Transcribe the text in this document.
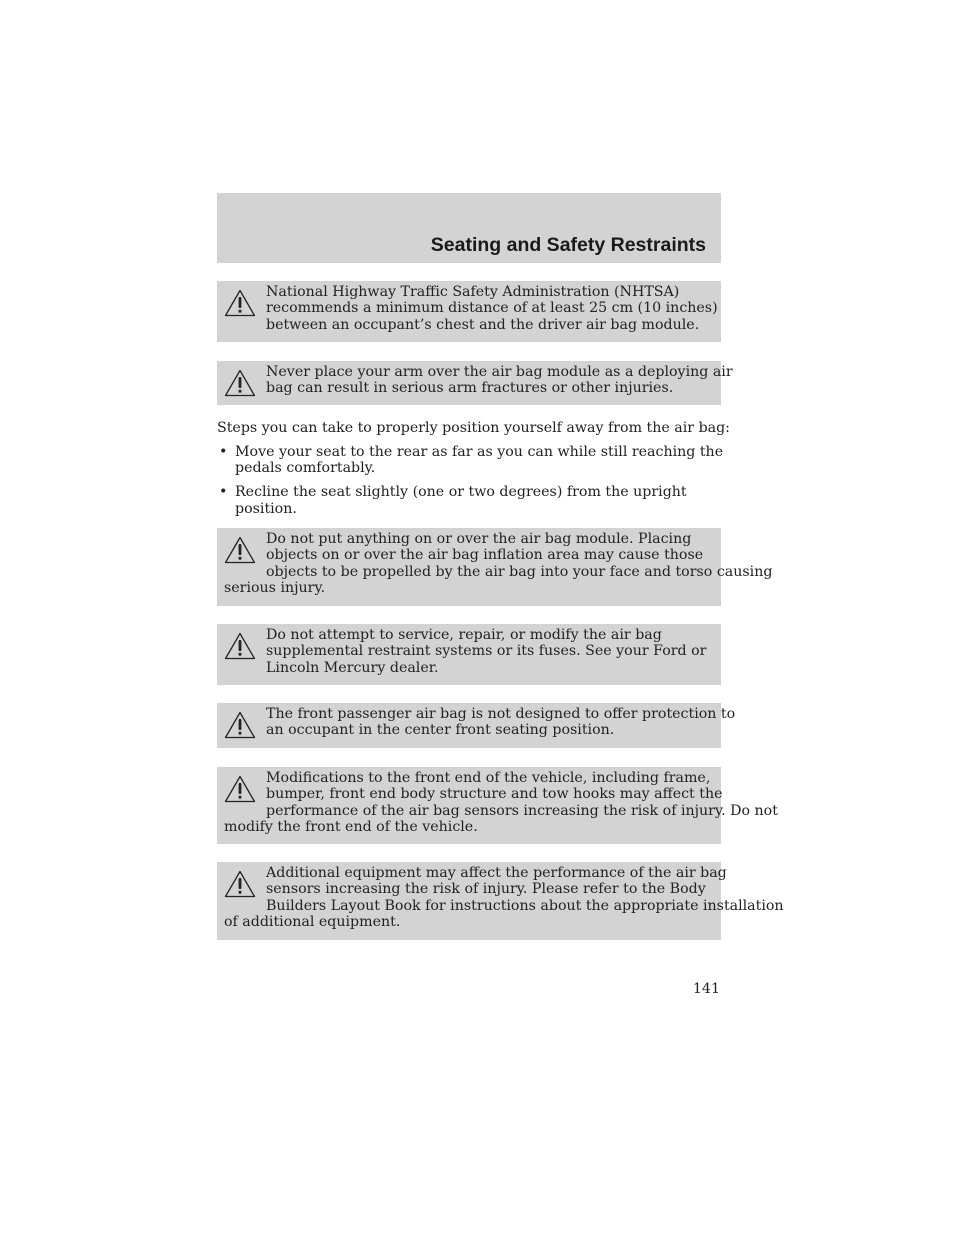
Seating and Safety Restraints

National Highway Traffic Safety Administration (NHTSA)
recommends a minimum distance of at least 25 cm (10 inches)
between an occupant’s chest and the driver air bag module.

Never place your arm over the air bag module as a deploying air
bag can result in serious arm fractures or other injuries.

Steps you can take to properly position yourself away from the air bag:

• Move your seat to the rear as far as you can while still reaching the
pedals comfortably.
• Recline the seat slightly (one or two degrees) from the upright
position.

Do not put anything on or over the air bag module. Placing
objects on or over the air bag inflation area may cause those
objects to be propelled by the air bag into your face and torso causing
serious injury.

Do not attempt to service, repair, or modify the air bag
supplemental restraint systems or its fuses. See your Ford or
Lincoln Mercury dealer.

The front passenger air bag is not designed to offer protection to
an occupant in the center front seating position.

Modifications to the front end of the vehicle, including frame,
bumper, front end body structure and tow hooks may affect the
performance of the air bag sensors increasing the risk of injury. Do not
modify the front end of the vehicle.

Additional equipment may affect the performance of the air bag
sensors increasing the risk of injury. Please refer to the Body
Builders Layout Book for instructions about the appropriate installation
of additional equipment.

141
